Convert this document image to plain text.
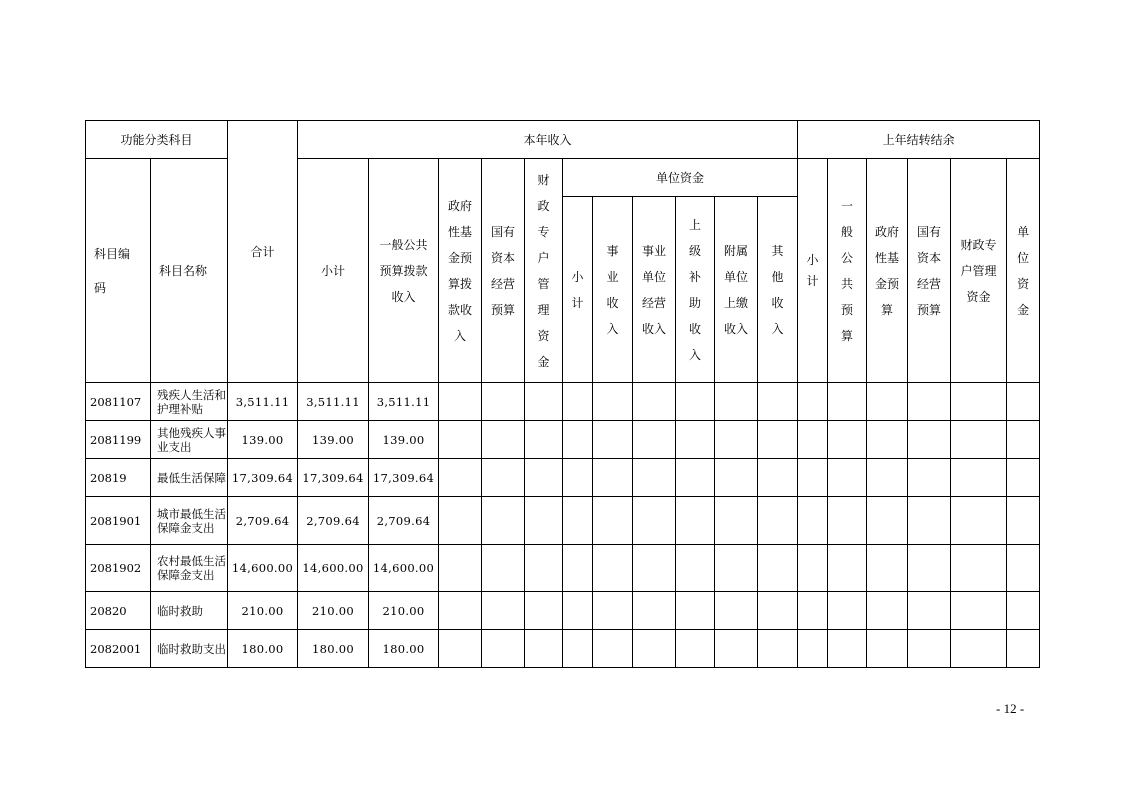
功能分类科目		合计	本年收入											上年结转结余					

科目编码	科目名称		小计	一般公共预算拨款收入	政府性基金预算拨款收入	国有资本经营预算	财政专户管理资金	单位资金						小计	一般公共预算	政府性基金预算	国有资本经营预算	财政专户管理资金	单位资金

								小计	事业收入	事业单位经营收入	上级补助收入	附属单位上缴收入	其他收入						

2081107	残疾人生活和护理补贴	3,511.11	3,511.11	3,511.11															
2081199	其他残疾人事业支出	139.00	139.00	139.00															
20819	最低生活保障	17,309.64	17,309.64	17,309.64															
2081901	城市最低生活保障金支出	2,709.64	2,709.64	2,709.64															
2081902	农村最低生活保障金支出	14,600.00	14,600.00	14,600.00															
20820	临时救助	210.00	210.00	210.00															
2082001	临时救助支出	180.00	180.00	180.00															
- 12 -
